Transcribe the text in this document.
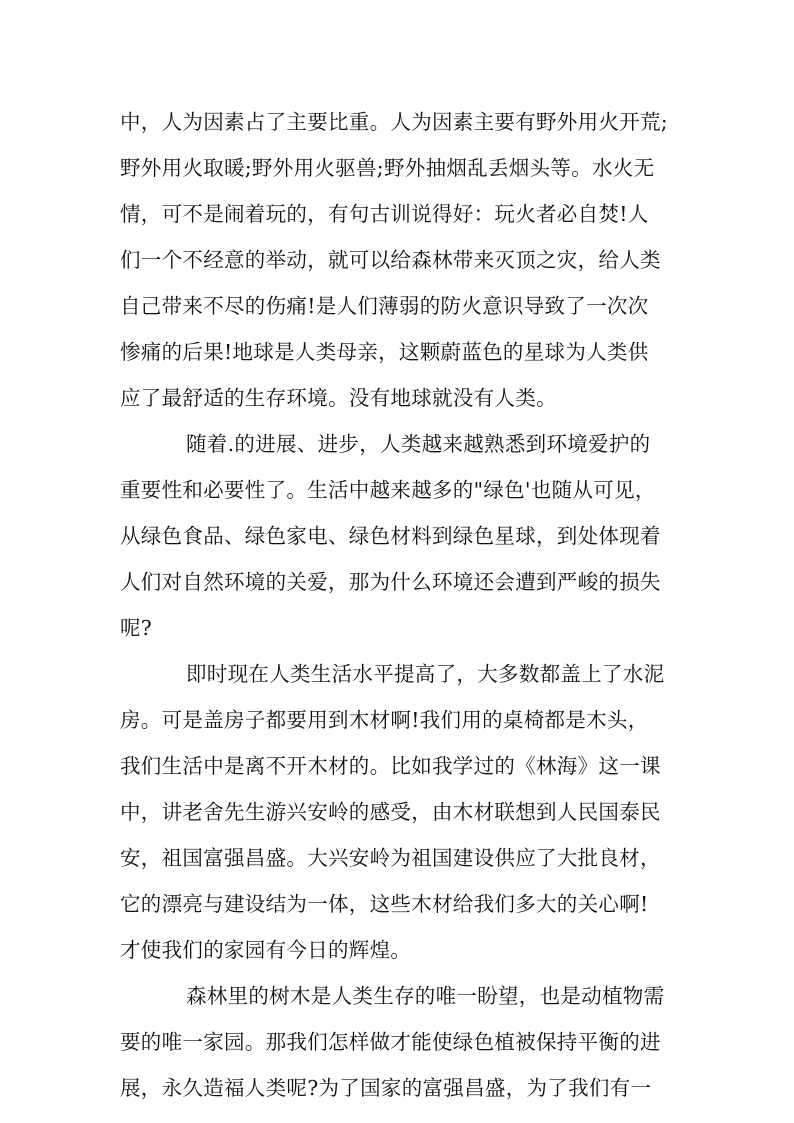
中，人为因素占了主要比重。人为因素主要有野外用火开荒;
野外用火取暖;野外用火驱兽;野外抽烟乱丢烟头等。水火无
情，可不是闹着玩的，有句古训说得好：玩火者必自焚!人
们一个不经意的举动，就可以给森林带来灭顶之灾，给人类
自己带来不尽的伤痛!是人们薄弱的防火意识导致了一次次
惨痛的后果!地球是人类母亲，这颗蔚蓝色的星球为人类供
应了最舒适的生存环境。没有地球就没有人类。
随着.的进展、进步，人类越来越熟悉到环境爱护的
重要性和必要性了。生活中越来越多的"绿色'也随从可见，
从绿色食品、绿色家电、绿色材料到绿色星球，到处体现着
人们对自然环境的关爱，那为什么环境还会遭到严峻的损失
呢?
即时现在人类生活水平提高了，大多数都盖上了水泥
房。可是盖房子都要用到木材啊!我们用的桌椅都是木头，
我们生活中是离不开木材的。比如我学过的《林海》这一课
中，讲老舍先生游兴安岭的感受，由木材联想到人民国泰民
安，祖国富强昌盛。大兴安岭为祖国建设供应了大批良材，
它的漂亮与建设结为一体，这些木材给我们多大的关心啊!
才使我们的家园有今日的辉煌。
森林里的树木是人类生存的唯一盼望，也是动植物需
要的唯一家园。那我们怎样做才能使绿色植被保持平衡的进
展，永久造福人类呢?为了国家的富强昌盛，为了我们有一
